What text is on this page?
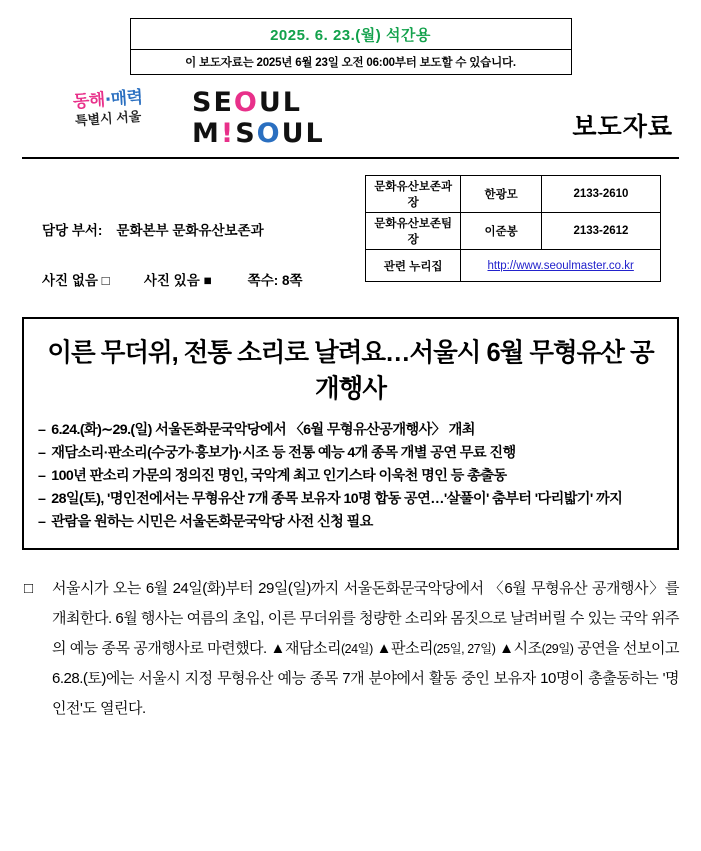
2025. 6. 23.(월) 석간용
이 보도자료는 2025년 6월 23일 오전 06:00부터 보도할 수 있습니다.
동해·매력 특별시 서울
SEOUL
M!SOUL	보도자료
담당 부서: 문화본부 문화유산보존과
사진 없음 □	사진 있음 ■	쪽수: 8쪽
문화유산보존과장	한광모	2133-2610
문화유산보존팀장	이준봉	2133-2612
관련 누리집	http://www.seoulmaster.co.kr	
이른 무더위, 전통 소리로 날려요…서울시 6월 무형유산 공개행사
– 6.24.(화)∼29.(일) 서울돈화문국악당에서 〈6월 무형유산공개행사〉 개최
– 재담소리·판소리(수궁가·흥보가)·시조 등 전통 예능 4개 종목 개별 공연 무료 진행
– 100년 판소리 가문의 정의진 명인, 국악계 최고 인기스타 이욱천 명인 등 총출동
– 28일(토), '명인전에서는 무형유산 7개 종목 보유자 10명 합동 공연…'살풀이' 춤부터 '다리밟기' 까지
– 관람을 원하는 시민은 서울돈화문국악당 사전 신청 필요
□ 서울시가 오는 6월 24일(화)부터 29일(일)까지 서울돈화문국악당에서 〈6월 무형유산 공개행사〉를 개최한다. 6월 행사는 여름의 초입, 이른 무더위를 청량한 소리와 몸짓으로 날려버릴 수 있는 국악 위주의 예능 종목 공개행사로 마련했다. ▲재담소리(24일) ▲판소리(25일, 27일) ▲시조(29일) 공연을 선보이고 6.28.(토)에는 서울시 지정 무형유산 예능 종목 7개 분야에서 활동 중인 보유자 10명이 총출동하는 '명인전'도 열린다.
